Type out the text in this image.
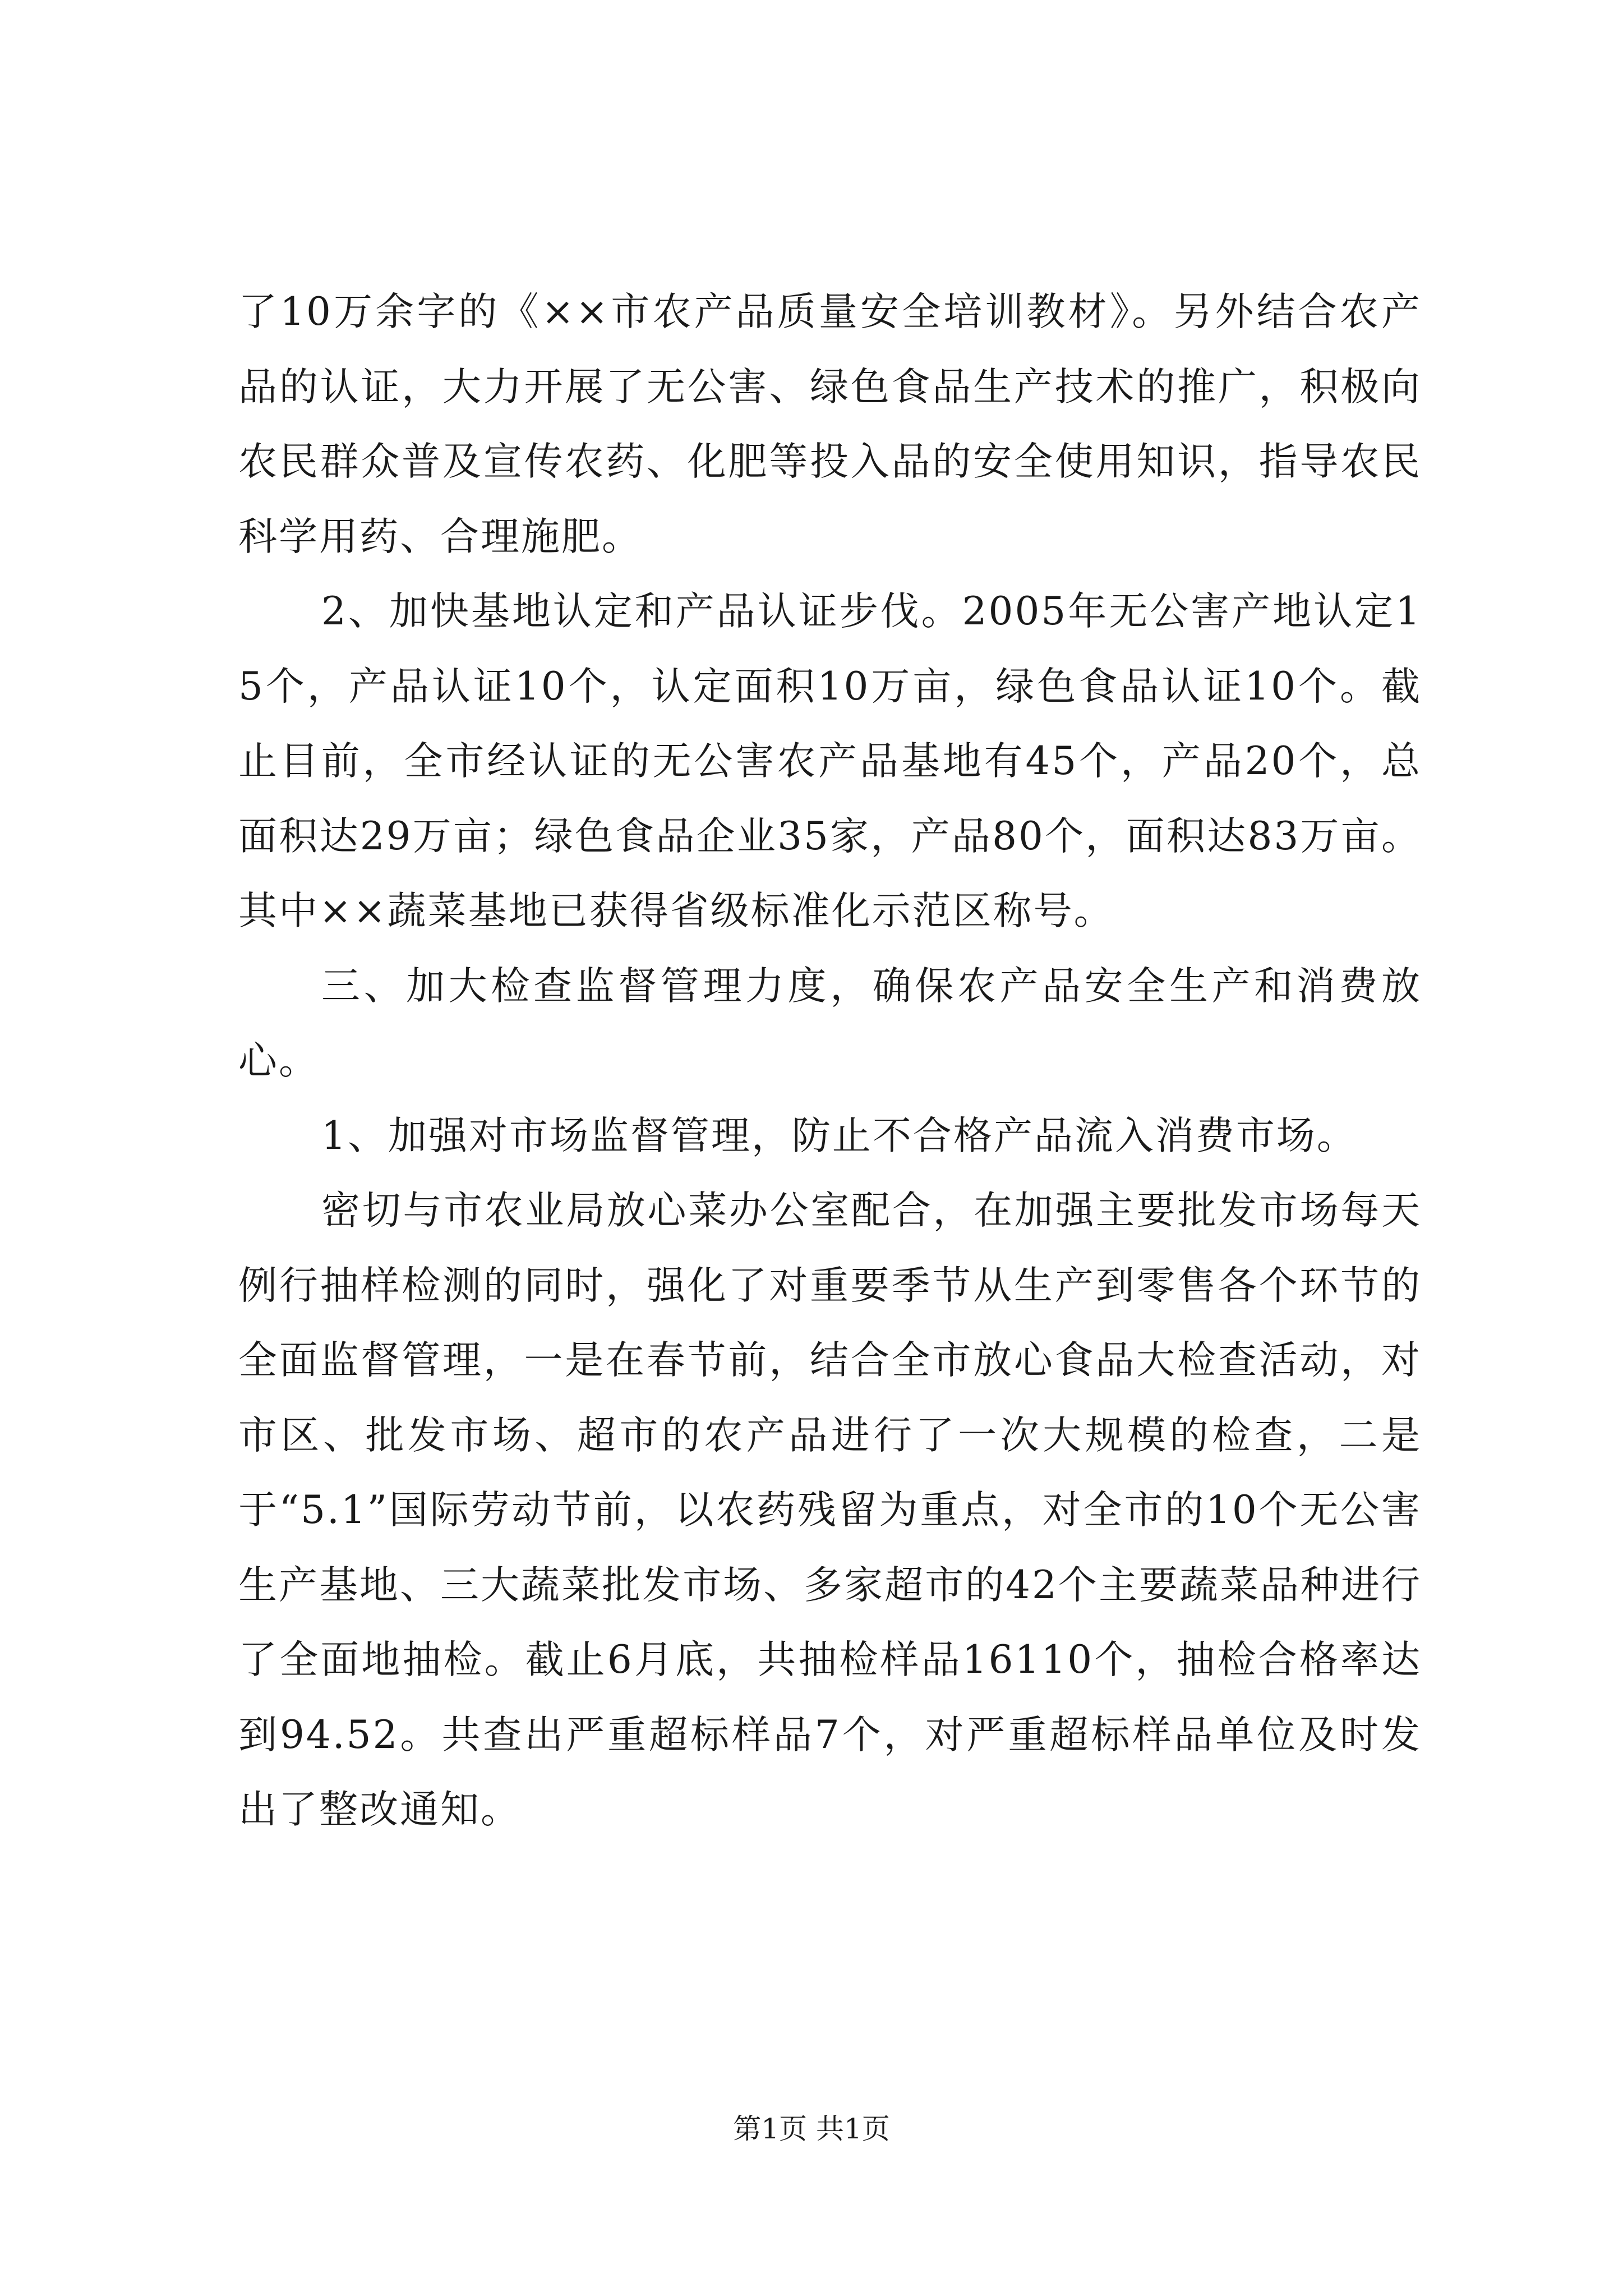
了10万余字的《××市农产品质量安全培训教材》。另外结合农产品的认证，大力开展了无公害、绿色食品生产技术的推广，积极向农民群众普及宣传农药、化肥等投入品的安全使用知识，指导农民科学用药、合理施肥。

2、加快基地认定和产品认证步伐。2005年无公害产地认定15个，产品认证10个，认定面积10万亩，绿色食品认证10个。截止目前，全市经认证的无公害农产品基地有45个，产品20个，总面积达29万亩；绿色食品企业35家，产品80个，面积达83万亩。其中××蔬菜基地已获得省级标准化示范区称号。

三、加大检查监督管理力度，确保农产品安全生产和消费放心。

1、加强对市场监督管理，防止不合格产品流入消费市场。

密切与市农业局放心菜办公室配合，在加强主要批发市场每天例行抽样检测的同时，强化了对重要季节从生产到零售各个环节的全面监督管理，一是在春节前，结合全市放心食品大检查活动，对市区、批发市场、超市的农产品进行了一次大规模的检查，二是于“5.1”国际劳动节前，以农药残留为重点，对全市的10个无公害生产基地、三大蔬菜批发市场、多家超市的42个主要蔬菜品种进行了全面地抽检。截止6月底，共抽检样品16110个，抽检合格率达到94.52。共查出严重超标样品7个，对严重超标样品单位及时发出了整改通知。

第1页 共1页
